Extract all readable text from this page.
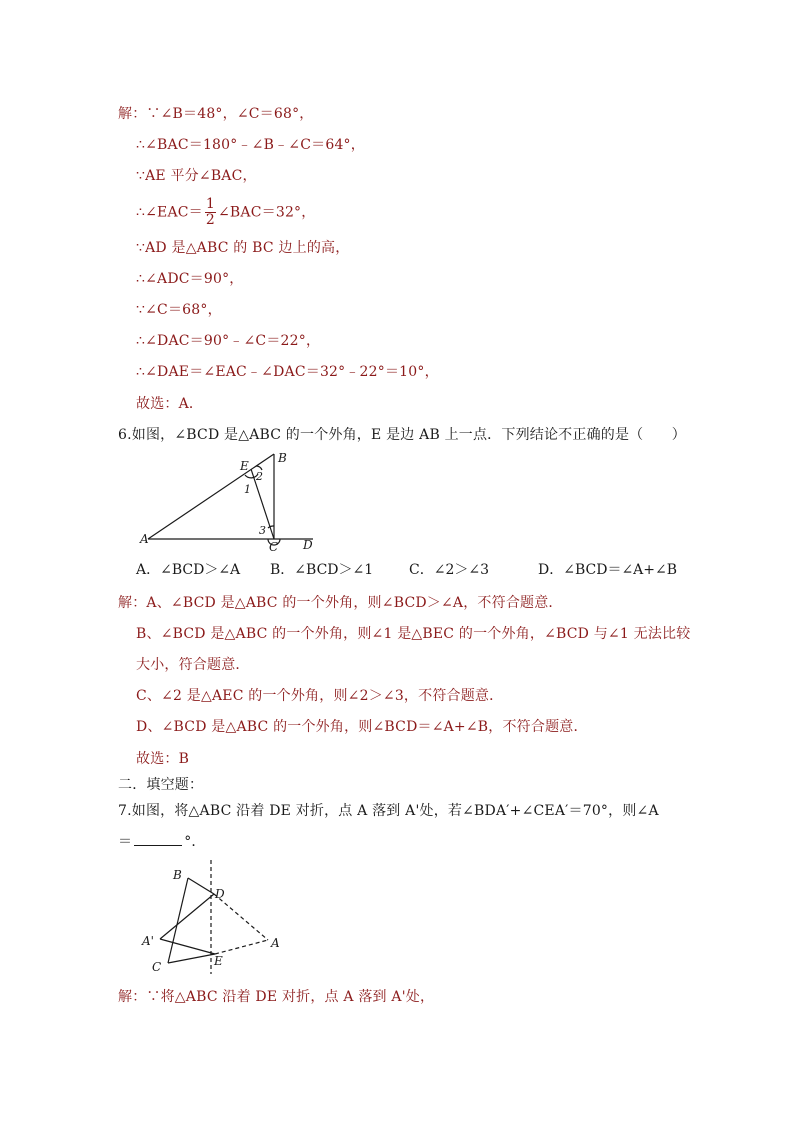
解：∵∠B＝48°，∠C＝68°，
∴∠BAC＝180°﹣∠B﹣∠C＝64°，
∵AE 平分∠BAC，
∴∠EAC＝ $\frac{1}{2}$ ∠BAC＝32°，
∵AD 是△ABC 的 BC 边上的高，
∴∠ADC＝90°，
∵∠C＝68°，
∴∠DAC＝90°﹣∠C＝22°，
∴∠DAE＝∠EAC﹣∠DAC＝32°﹣22°＝10°，
故选：A．
6.如图，∠BCD 是△ABC 的一个外角，E 是边 AB 上一点．下列结论不正确的是（　　）
A
B
C D
E
1
2
3
A．∠BCD＞∠A B．∠BCD＞∠1	C．∠2＞∠3	D．∠BCD＝∠A+∠B
解：A、∠BCD 是△ABC 的一个外角，则∠BCD＞∠A，不符合题意．
B、∠BCD 是△ABC 的一个外角，则∠1 是△BEC 的一个外角，∠BCD 与∠1 无法比较
大小，符合题意．
C、∠2 是△AEC 的一个外角，则∠2＞∠3，不符合题意．
D、∠BCD 是△ABC 的一个外角，则∠BCD＝∠A+∠B，不符合题意．
故选：B
二．填空题：
7.如图，将△ABC 沿着 DE 对折，点 A 落到 A'处，若∠BDA′+∠CEA′＝70°，则∠A
＝	°．
B
D
A'	A
C	E
解：∵将△ABC 沿着 DE 对折，点 A 落到 A'处，
